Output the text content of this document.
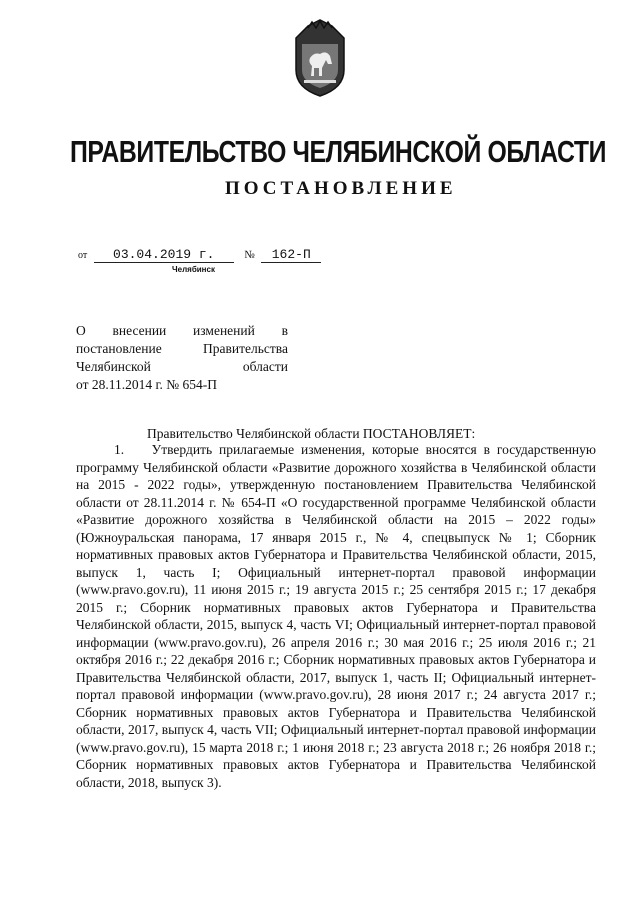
ПРАВИТЕЛЬСТВО ЧЕЛЯБИНСКОЙ ОБЛАСТИ
ПОСТАНОВЛЕНИЕ
от 03.04.2019 г.	№ 162-П
Челябинск
О внесении изменений в
постановление Правительства
Челябинской области
от 28.11.2014 г. № 654-П
Правительство Челябинской области ПОСТАНОВЛЯЕТ:
1. Утвердить прилагаемые изменения, которые вносятся в государственную программу Челябинской области «Развитие дорожного хозяйства в Челябинской области на 2015 - 2022 годы», утвержденную постановлением Правительства Челябинской области от 28.11.2014 г. № 654-П «О государственной программе Челябинской области «Развитие дорожного хозяйства в Челябинской области на 2015 – 2022 годы» (Южноуральская панорама, 17 января 2015 г., № 4, спецвыпуск № 1; Сборник нормативных правовых актов Губернатора и Правительства Челябинской области, 2015, выпуск 1, часть I; Официальный интернет-портал правовой информации (www.pravo.gov.ru), 11 июня 2015 г.; 19 августа 2015 г.; 25 сентября 2015 г.; 17 декабря 2015 г.; Сборник нормативных правовых актов Губернатора и Правительства Челябинской области, 2015, выпуск 4, часть VI; Официальный интернет-портал правовой информации (www.pravo.gov.ru), 26 апреля 2016 г.; 30 мая 2016 г.; 25 июля 2016 г.; 21 октября 2016 г.; 22 декабря 2016 г.; Сборник нормативных правовых актов Губернатора и Правительства Челябинской области, 2017, выпуск 1, часть II; Официальный интернет-портал правовой информации (www.pravo.gov.ru), 28 июня 2017 г.; 24 августа 2017 г.; Сборник нормативных правовых актов Губернатора и Правительства Челябинской области, 2017, выпуск 4, часть VII; Официальный интернет-портал правовой информации (www.pravo.gov.ru), 15 марта 2018 г.; 1 июня 2018 г.; 23 августа 2018 г.; 26 ноября 2018 г.; Сборник нормативных правовых актов Губернатора и Правительства Челябинской области, 2018, выпуск 3).
